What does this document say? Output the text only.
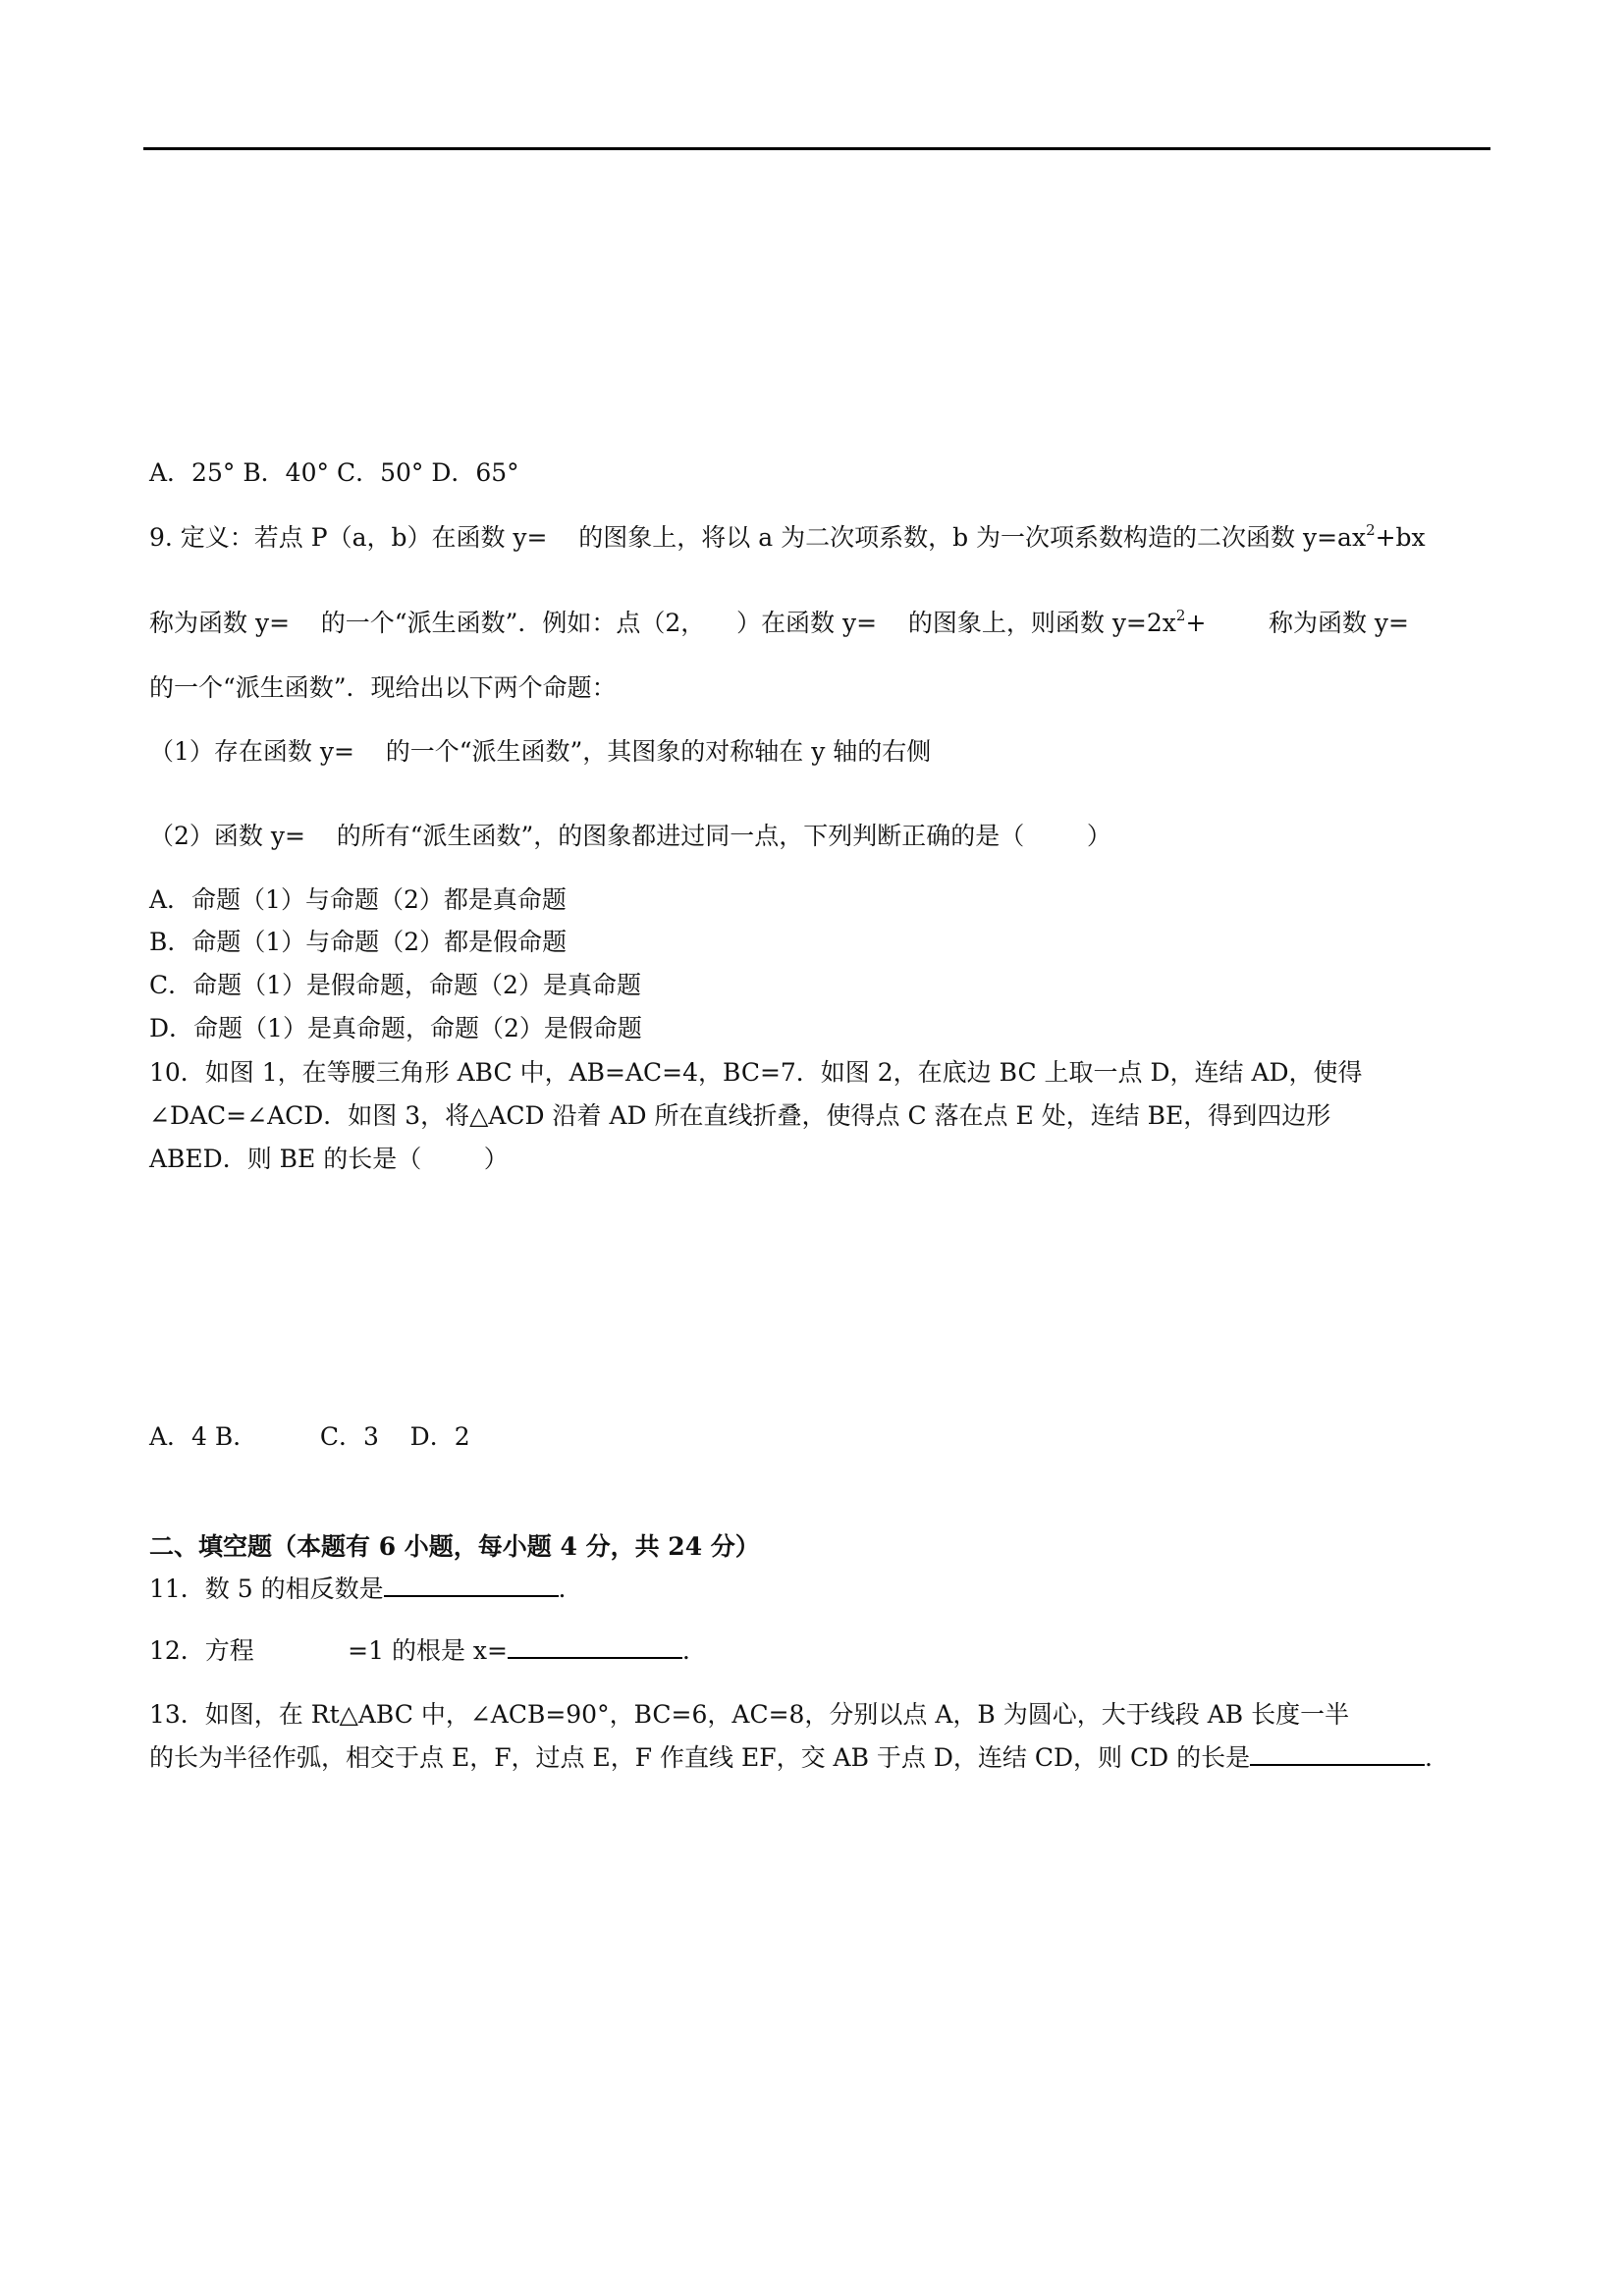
A．25° B．40° C．50° D．65°
9. 定义：若点 P（a，b）在函数 y=    的图象上，将以 a 为二次项系数，b 为一次项系数构造的二次函数 $y=ax^2+bx$
称为函数 y=    的一个“派生函数”．例如：点（2，    ）在函数 y=    的图象上，则函数 $y=2x^2+$        称为函数 y=
的一个“派生函数”．现给出以下两个命题：
（1）存在函数 y=    的一个“派生函数”，其图象的对称轴在 y 轴的右侧
（2）函数 y=    的所有“派生函数”，的图象都进过同一点，下列判断正确的是（        ）
A．命题（1）与命题（2）都是真命题
B．命题（1）与命题（2）都是假命题
C．命题（1）是假命题，命题（2）是真命题
D．命题（1）是真命题，命题（2）是假命题
10．如图 1，在等腰三角形 ABC 中，AB=AC=4，BC=7．如图 2，在底边 BC 上取一点 D，连结 AD，使得
∠DAC=∠ACD．如图 3，将△ACD 沿着 AD 所在直线折叠，使得点 C 落在点 E 处，连结 BE，得到四边形
ABED．则 BE 的长是（        ）
A．4 B．        C．3    D．2
二、填空题（本题有 6 小题，每小题 4 分，共 24 分）
11．数 5 的相反数是	．
12．方程            =1 的根是 x=	．
13．如图，在 Rt△ABC 中，∠ACB=90°，BC=6，AC=8，分别以点 A，B 为圆心，大于线段 AB 长度一半
的长为半径作弧，相交于点 E，F，过点 E，F 作直线 EF，交 AB 于点 D，连结 CD，则 CD 的长是	．
